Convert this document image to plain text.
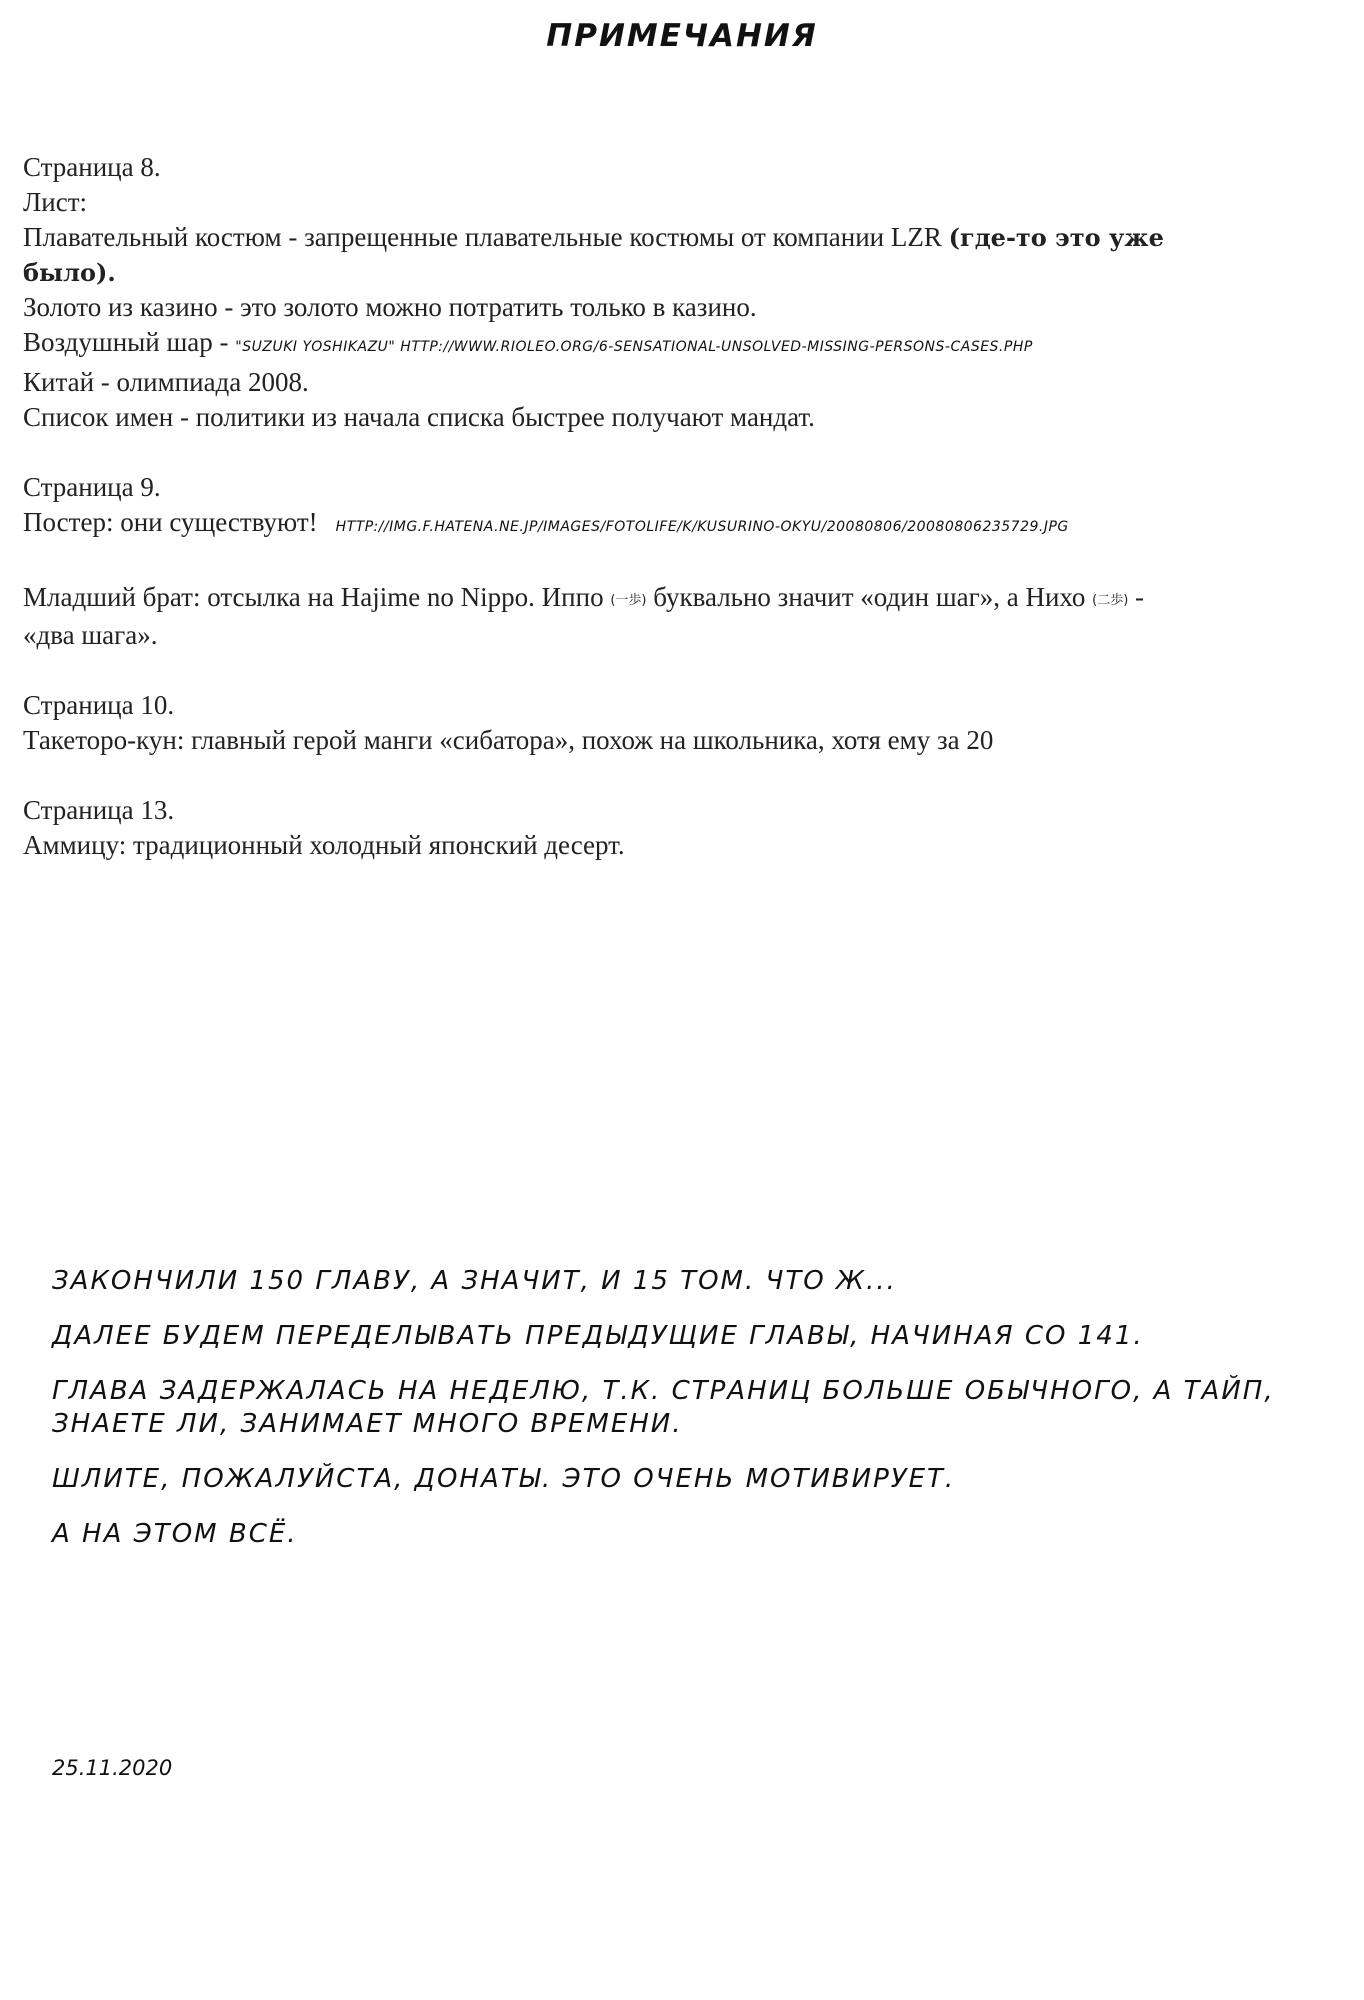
ПРИМЕЧАНИЯ
Страница 8.
Лист:
Плавательный костюм - запрещенные плавательные костюмы от компании LZR (где-то это уже
было).
Золото из казино - это золото можно потратить только в казино.
Воздушный шар - "SUZUKI YOSHIKAZU" HTTP://WWW.RIOLEO.ORG/6-SENSATIONAL-UNSOLVED-MISSING-PERSONS-CASES.PHP
Китай - олимпиада 2008.
Список имен - политики из начала списка быстрее получают мандат.
Страница 9.
Постер: они существуют! HTTP://IMG.F.HATENA.NE.JP/IMAGES/FOTOLIFE/K/KUSURINO-OKYU/20080806/20080806235729.JPG
Младший брат: отсылка на Hajime no Nippo. Иппо (一歩) буквально значит «один шаг», а Нихо (二歩) -
«два шага».
Страница 10.
Такеторо-кун: главный герой манги «сибатора», похож на школьника, хотя ему за 20
Страница 13.
Аммицу: традиционный холодный японский десерт.

ЗАКОНЧИЛИ 150 ГЛАВУ, А ЗНАЧИТ, И 15 ТОМ. ЧТО Ж...

ДАЛЕЕ БУДЕМ ПЕРЕДЕЛЫВАТЬ ПРЕДЫДУЩИЕ ГЛАВЫ, НАЧИНАЯ СО 141.

ГЛАВА ЗАДЕРЖАЛАСЬ НА НЕДЕЛЮ, Т.К. СТРАНИЦ БОЛЬШЕ ОБЫЧНОГО, А ТАЙП,
ЗНАЕТЕ ЛИ, ЗАНИМАЕТ МНОГО ВРЕМЕНИ.

ШЛИТЕ, ПОЖАЛУЙСТА, ДОНАТЫ. ЭТО ОЧЕНЬ МОТИВИРУЕТ.

А НА ЭТОМ ВСЁ.

25.11.2020
